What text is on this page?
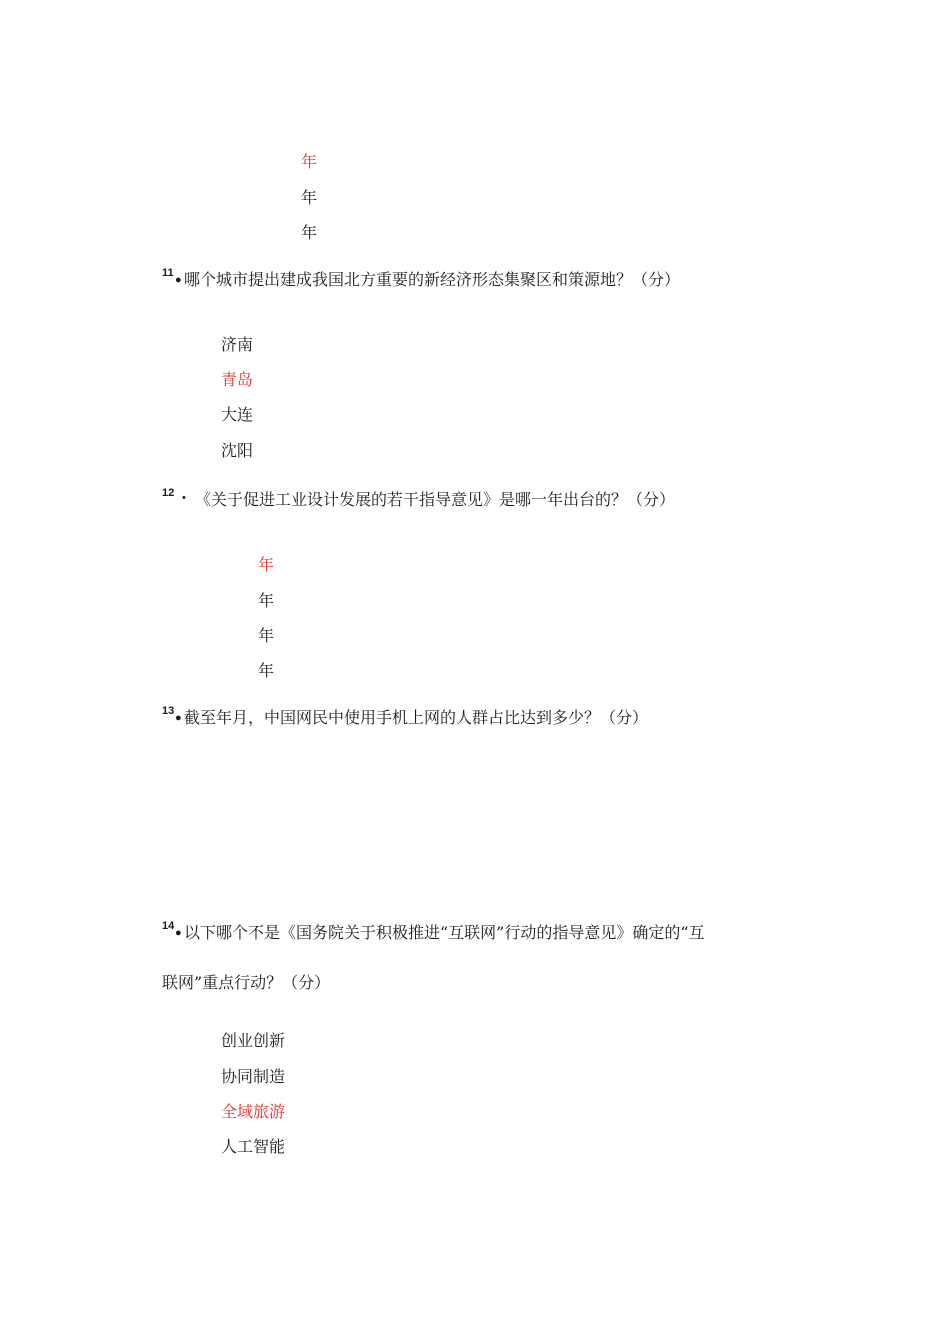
年
年
年
11
● 哪个城市提出建成我国北方重要的新经济形态集聚区和策源地？（分）
济南
青岛
大连
沈阳
12 • 《关于促进工业设计发展的若干指导意见》是哪一年出台的？（分）
年
年
年
年
13
● 截至年月，中国网民中使用手机上网的人群占比达到多少？（分）
14
● 以下哪个不是《国务院关于积极推进“互联网”行动的指导意见》确定的“互
联网”重点行动？（分）
创业创新
协同制造
全域旅游
人工智能
